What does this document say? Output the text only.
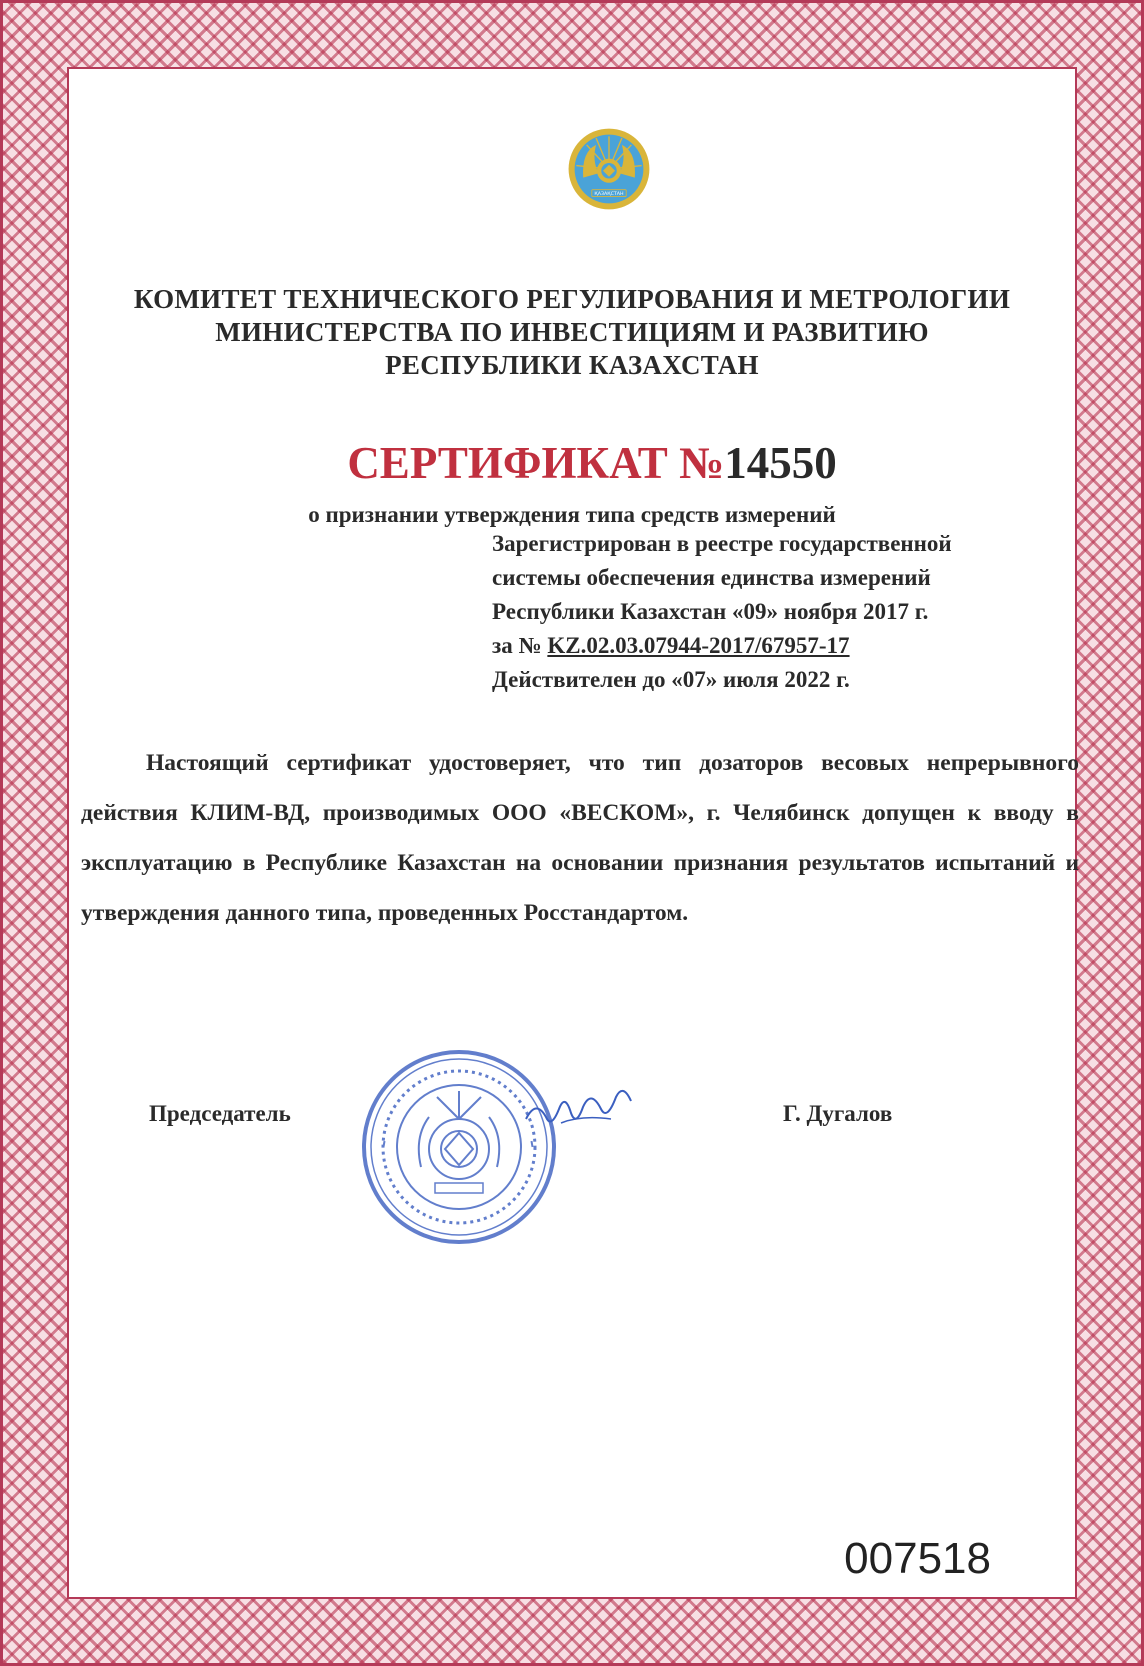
ҚАЗАҚСТАН
КОМИТЕТ ТЕХНИЧЕСКОГО РЕГУЛИРОВАНИЯ И МЕТРОЛОГИИ
МИНИСТЕРСТВА ПО ИНВЕСТИЦИЯМ И РАЗВИТИЮ
РЕСПУБЛИКИ КАЗАХСТАН
СЕРТИФИКАТ №14550
о признании утверждения типа средств измерений
Зарегистрирован в реестре государственной
системы обеспечения единства измерений
Республики Казахстан «09» ноября 2017 г.
за № KZ.02.03.07944-2017/67957-17
Действителен до «07» июля 2022 г.
Настоящий сертификат удостоверяет, что тип дозаторов весовых непрерывного действия КЛИМ-ВД, производимых ООО «ВЕСКОМ», г. Челябинск допущен к вводу в эксплуатацию в Республике Казахстан на основании признания результатов испытаний и утверждения данного типа, проведенных Росстандартом.
Председатель	Г. Дугалов
007518
